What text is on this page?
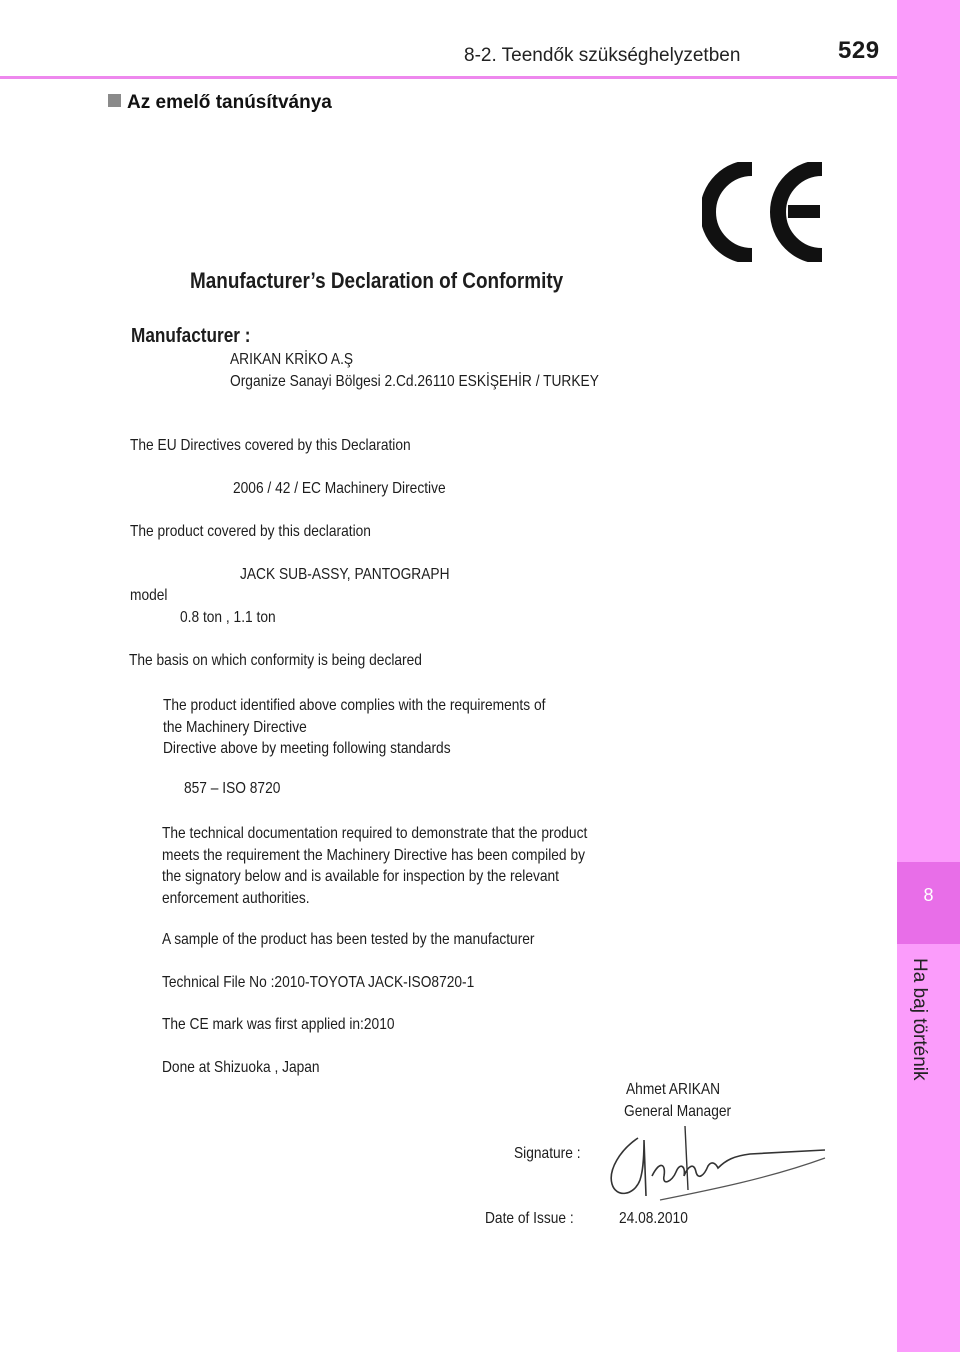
8-2. Teendők szükséghelyzetben	529
8
Ha baj történik
Az emelő tanúsítványa
Manufacturer’s Declaration of Conformity
Manufacturer :
ARIKAN KRİKO A.Ş
Organize Sanayi Bölgesi 2.Cd.26110 ESKİŞEHİR / TURKEY
The EU Directives covered by this Declaration
2006 / 42 / EC Machinery Directive
The product covered by this declaration
JACK SUB-ASSY, PANTOGRAPH
model
0.8 ton , 1.1 ton
The basis on which conformity is being declared
The product identified above complies with the requirements of
the Machinery Directive
Directive above by meeting following standards
857 – ISO 8720
The technical documentation required to demonstrate that the product
meets the requirement the Machinery Directive has been compiled by
the signatory below and is available for inspection by the relevant
enforcement authorities.
A sample of the product has been tested by the manufacturer
Technical File No :2010-TOYOTA JACK-ISO8720-1
The CE mark was first applied in:2010
Done at Shizuoka , Japan
Ahmet ARIKAN
General Manager
Signature :
Date of Issue :	24.08.2010
